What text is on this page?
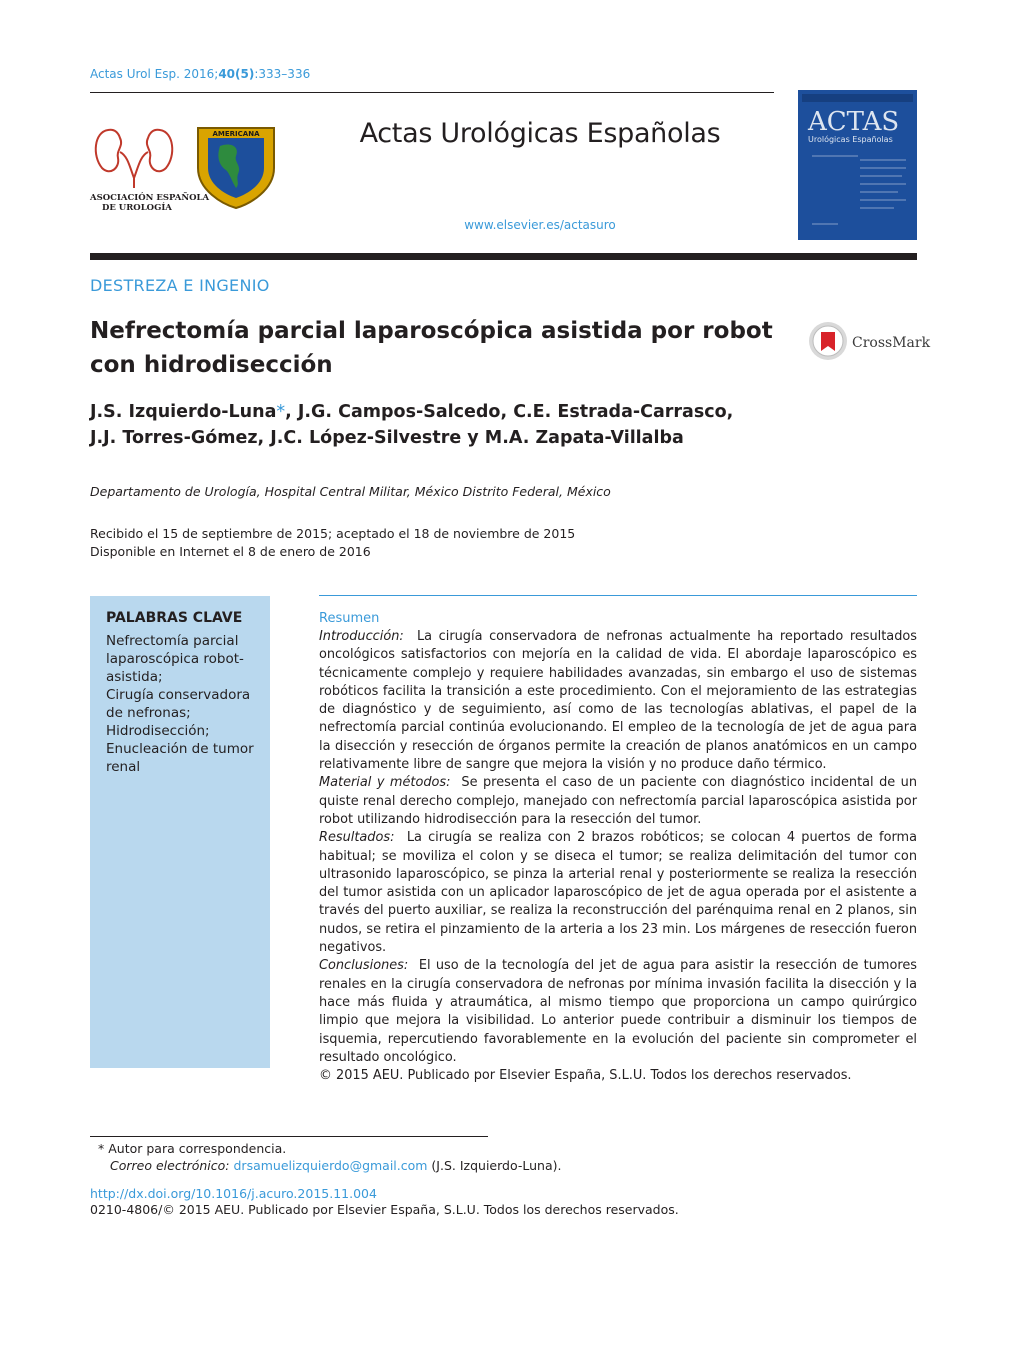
Actas Urol Esp. 2016;40(5):333–336
ASOCIACIÓN ESPAÑOLA
DE UROLOGÍA
AMERICANA	Actas Urológicas Españolas
www.elsevier.es/actasuro
ACTAS
Urológicas Españolas
DESTREZA E INGENIO
Nefrectomía parcial laparoscópica asistida por robot con hidrodisección
CrossMark
J.S. Izquierdo-Luna*, J.G. Campos-Salcedo, C.E. Estrada-Carrasco,
J.J. Torres-Gómez, J.C. López-Silvestre y M.A. Zapata-Villalba
Departamento de Urología, Hospital Central Militar, México Distrito Federal, México
Recibido el 15 de septiembre de 2015; aceptado el 18 de noviembre de 2015
Disponible en Internet el 8 de enero de 2016
PALABRAS CLAVE
Nefrectomía parcial laparoscópica robot-asistida;
Cirugía conservadora de nefronas;
Hidrodisección;
Enucleación de tumor renal
Resumen

Introducción: La cirugía conservadora de nefronas actualmente ha reportado resultados oncológicos satisfactorios con mejoría en la calidad de vida. El abordaje laparoscópico es técnicamente complejo y requiere habilidades avanzadas, sin embargo el uso de sistemas robóticos facilita la transición a este procedimiento. Con el mejoramiento de las estrategias de diagnóstico y de seguimiento, así como de las tecnologías ablativas, el papel de la nefrectomía parcial continúa evolucionando. El empleo de la tecnología de jet de agua para la disección y resección de órganos permite la creación de planos anatómicos en un campo relativamente libre de sangre que mejora la visión y no produce daño térmico.

Material y métodos: Se presenta el caso de un paciente con diagnóstico incidental de un quiste renal derecho complejo, manejado con nefrectomía parcial laparoscópica asistida por robot utilizando hidrodisección para la resección del tumor.

Resultados: La cirugía se realiza con 2 brazos robóticos; se colocan 4 puertos de forma habitual; se moviliza el colon y se diseca el tumor; se realiza delimitación del tumor con ultrasonido laparoscópico, se pinza la arterial renal y posteriormente se realiza la resección del tumor asistida con un aplicador laparoscópico de jet de agua operada por el asistente a través del puerto auxiliar, se realiza la reconstrucción del parénquima renal en 2 planos, sin nudos, se retira el pinzamiento de la arteria a los 23 min. Los márgenes de resección fueron negativos.

Conclusiones: El uso de la tecnología del jet de agua para asistir la resección de tumores renales en la cirugía conservadora de nefronas por mínima invasión facilita la disección y la hace más fluida y atraumática, al mismo tiempo que proporciona un campo quirúrgico limpio que mejora la visibilidad. Lo anterior puede contribuir a disminuir los tiempos de isquemia, repercutiendo favorablemente en la evolución del paciente sin comprometer el resultado oncológico.

© 2015 AEU. Publicado por Elsevier España, S.L.U. Todos los derechos reservados.

* Autor para correspondencia.
Correo electrónico: drsamuelizquierdo@gmail.com (J.S. Izquierdo-Luna).
http://dx.doi.org/10.1016/j.acuro.2015.11.004
0210-4806/© 2015 AEU. Publicado por Elsevier España, S.L.U. Todos los derechos reservados.
